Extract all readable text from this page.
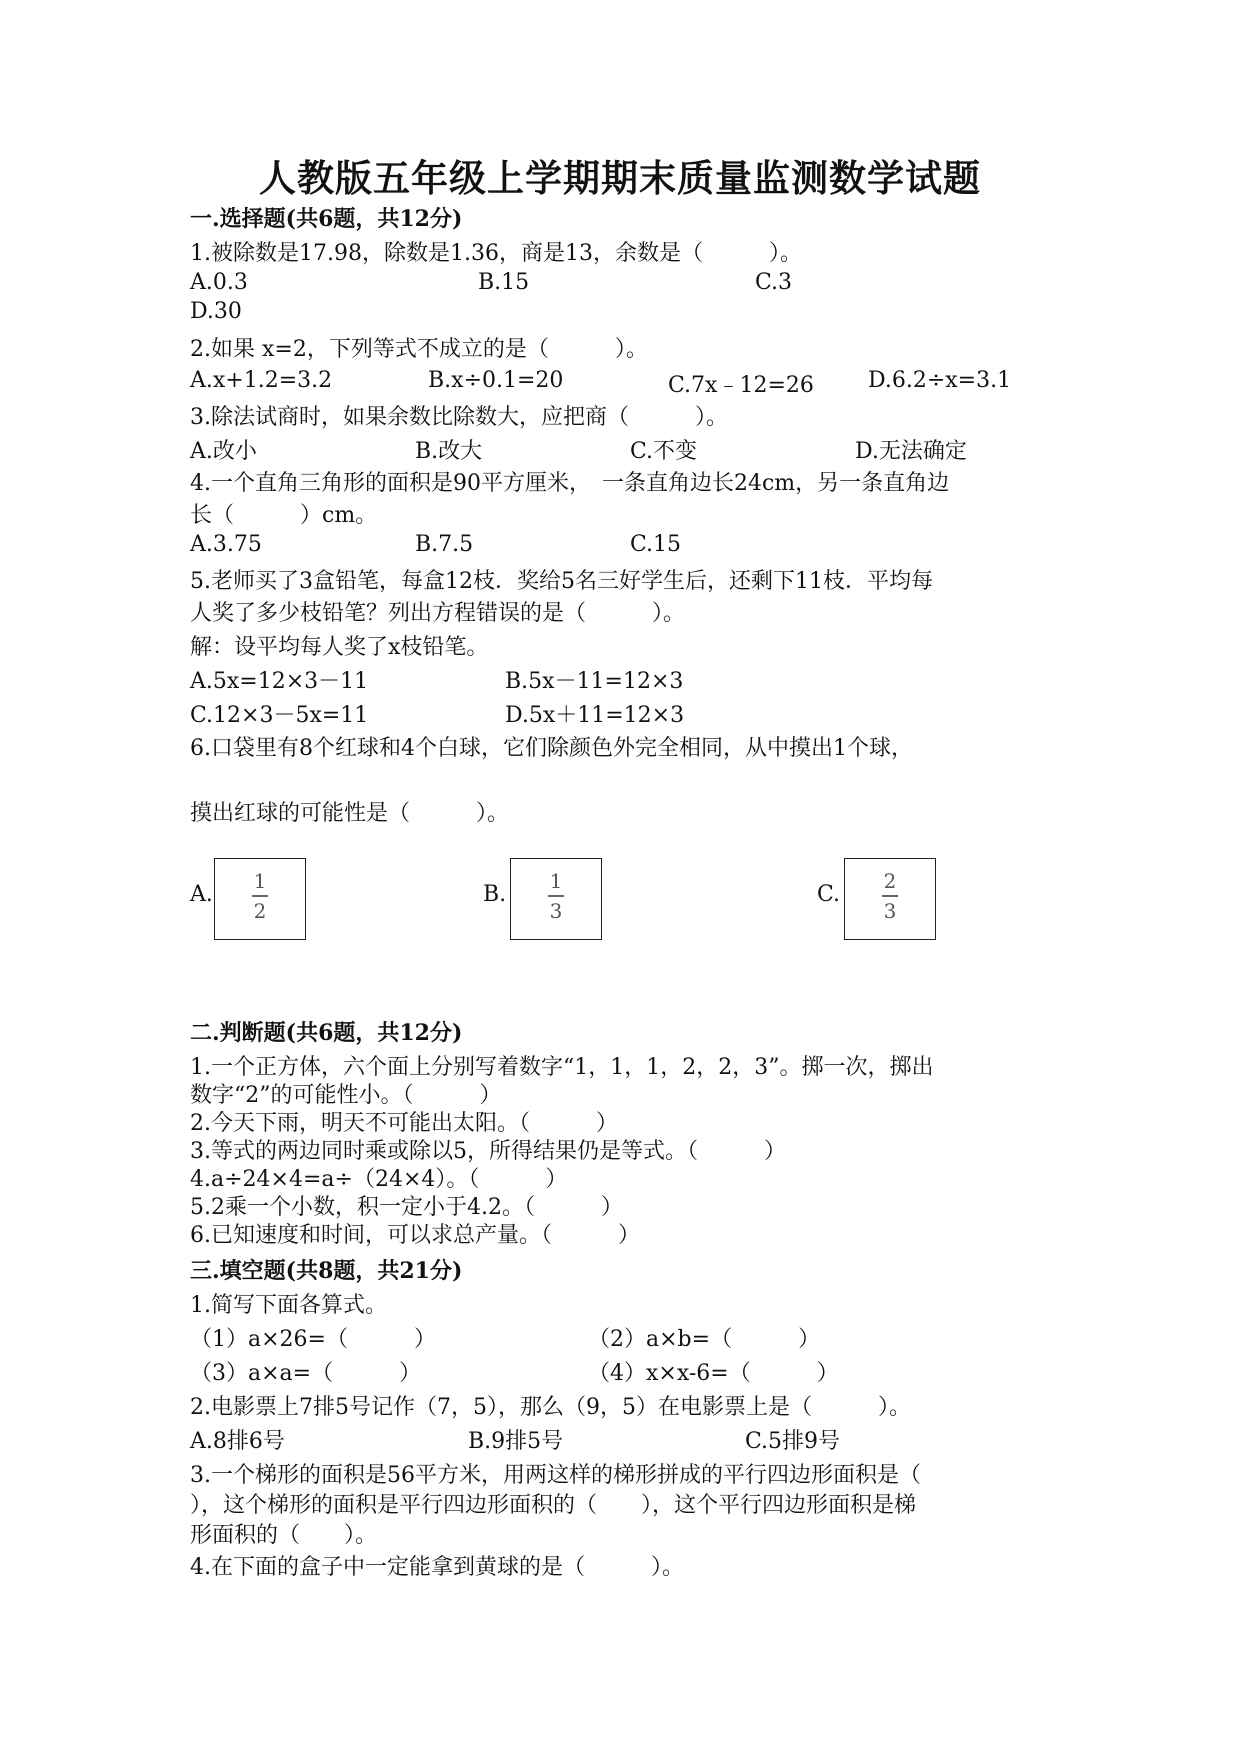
人教版五年级上学期期末质量监测数学试题
一.选择题(共6题，共12分)
1.被除数是17.98，除数是1.36，商是13，余数是（　　　）。
A.0.3	B.15	C.3
D.30
2.如果 x=2，下列等式不成立的是（　　　）。
A.x+1.2=3.2	B.x÷0.1=20	C.7x﹣12=26 D.6.2÷x=3.1
3.除法试商时，如果余数比除数大，应把商（　　　）。
A.改小	B.改大	C.不变	D.无法确定
4.一个直角三角形的面积是90平方厘米，　一条直角边长24cm，另一条直角边
长（　　　）cm。
A.3.75	B.7.5	C.15
5.老师买了3盒铅笔，每盒12枝．奖给5名三好学生后，还剩下11枝．平均每
人奖了多少枝铅笔？列出方程错误的是（　　　）。
解：设平均每人奖了x枝铅笔。
A.5x=12×3－11	B.5x－11=12×3
C.12×3－5x=11	D.5x＋11=12×3
6.口袋里有8个红球和4个白球，它们除颜色外完全相同，从中摸出1个球，
摸出红球的可能性是（　　　）。
A.
1
2
B.
1
3
C.
2
3
二.判断题(共6题，共12分)
1.一个正方体，六个面上分别写着数字“1，1，1，2，2，3”。掷一次，掷出
数字“2”的可能性小。（　　　）
2.今天下雨，明天不可能出太阳。（　　　）
3.等式的两边同时乘或除以5，所得结果仍是等式。（　　　）
4.a÷24×4=a÷（24×4）。（　　　）
5.2乘一个小数，积一定小于4.2。（　　　）
6.已知速度和时间，可以求总产量。（　　　）
三.填空题(共8题，共21分)
1.简写下面各算式。
（1）a×26=（　　　）	（2）a×b=（　　　）
（3）a×a=（　　　）	（4）x×x-6=（　　　）
2.电影票上7排5号记作（7，5），那么（9，5）在电影票上是（　　　）。
A.8排6号	B.9排5号	C.5排9号
3.一个梯形的面积是56平方米，用两这样的梯形拼成的平行四边形面积是（
），这个梯形的面积是平行四边形面积的（　　），这个平行四边形面积是梯
形面积的（　　）。
4.在下面的盒子中一定能拿到黄球的是（　　　）。
